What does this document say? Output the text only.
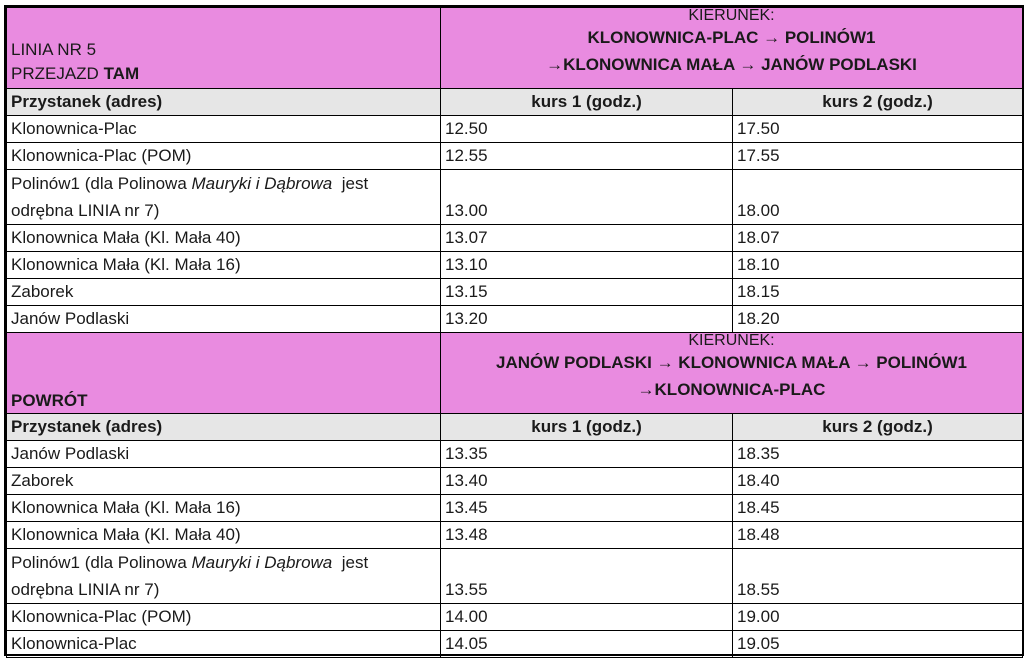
LINIA NR 5
PRZEJAZD TAM	KIERUNEK:
KLONOWNICA-PLAC → POLINÓW1 →KLONOWNICA MAŁA → JANÓW PODLASKI	

Przystanek (adres)	kurs 1 (godz.)	kurs 2 (godz.)
Klonownica-Plac	12.50	17.50
Klonownica-Plac (POM)	12.55	17.55

Polinów1 (dla Polinowa Mauryki i Dąbrowa  jest
odrębna LINIA nr 7)	13.00	18.00
Klonownica Mała (Kl. Mała 40)	13.07	18.07
Klonownica Mała (Kl. Mała 16)	13.10	18.10
Zaborek	13.15	18.15
Janów Podlaski	13.20	18.20
POWRÓT	KIERUNEK:
JANÓW PODLASKI → KLONOWNICA MAŁA → POLINÓW1 →KLONOWNICA-PLAC	

Przystanek (adres)	kurs 1 (godz.)	kurs 2 (godz.)
Janów Podlaski	13.35	18.35
Zaborek	13.40	18.40
Klonownica Mała (Kl. Mała 16)	13.45	18.45
Klonownica Mała (Kl. Mała 40)	13.48	18.48

Polinów1 (dla Polinowa Mauryki i Dąbrowa  jest
odrębna LINIA nr 7)	13.55	18.55
Klonownica-Plac (POM)	14.00	19.00
Klonownica-Plac	14.05	19.05
